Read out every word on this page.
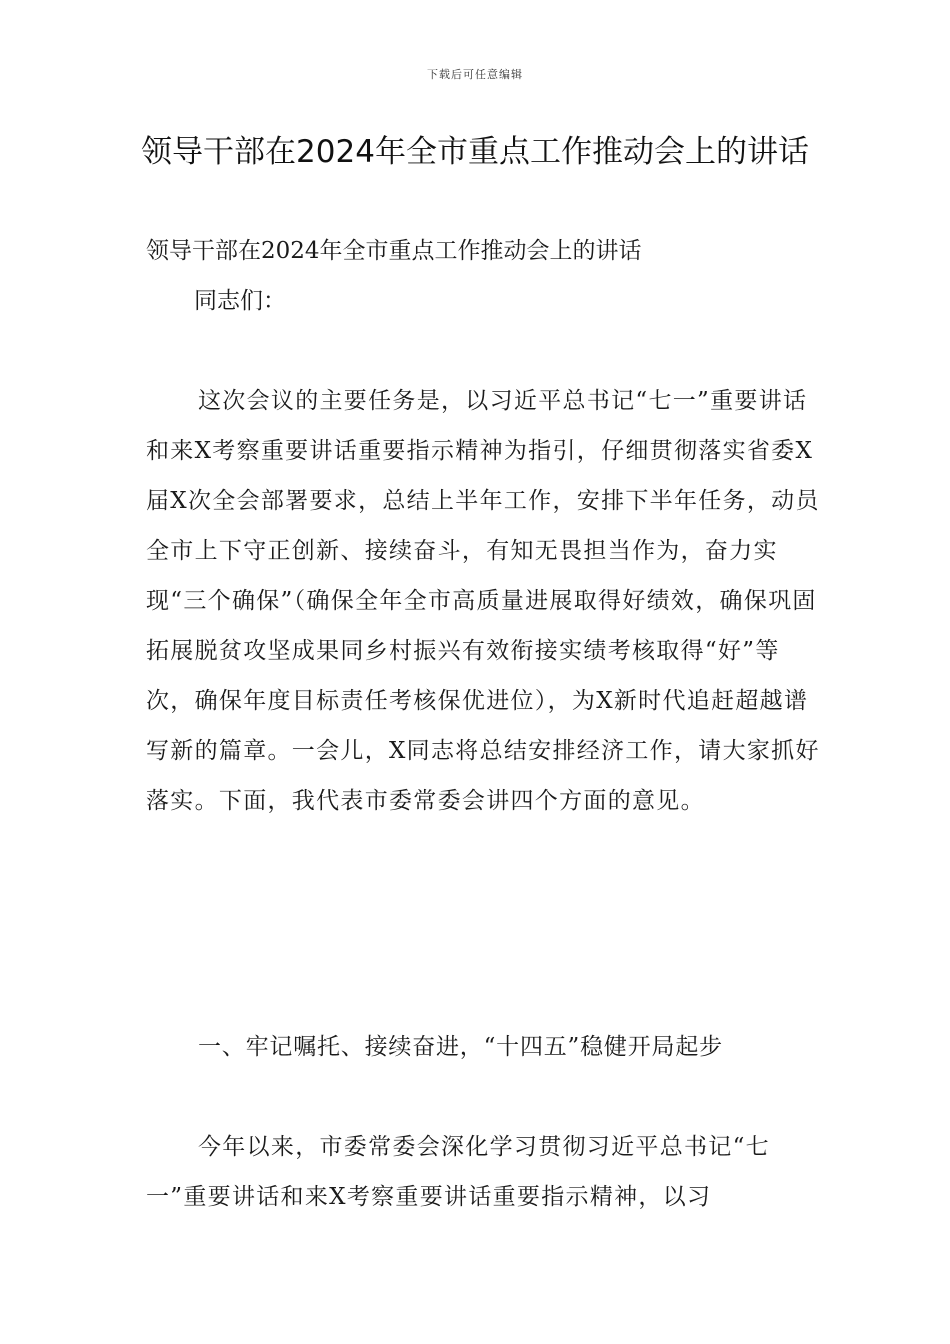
下载后可任意编辑
领导干部在2024年全市重点工作推动会上的讲话

领导干部在2024年全市重点工作推动会上的讲话

同志们：

这次会议的主要任务是，以习近平总书记“七一”重要讲话和来X考察重要讲话重要指示精神为指引，仔细贯彻落实省委X届X次全会部署要求，总结上半年工作，安排下半年任务，动员全市上下守正创新、接续奋斗，有知无畏担当作为，奋力实现“三个确保”（确保全年全市高质量进展取得好绩效，确保巩固拓展脱贫攻坚成果同乡村振兴有效衔接实绩考核取得“好”等次，确保年度目标责任考核保优进位），为X新时代追赶超越谱写新的篇章。一会儿，X同志将总结安排经济工作，请大家抓好落实。下面，我代表市委常委会讲四个方面的意见。

一、牢记嘱托、接续奋进，“十四五”稳健开局起步

今年以来，市委常委会深化学习贯彻习近平总书记“七一”重要讲话和来X考察重要讲话重要指示精神，以习
